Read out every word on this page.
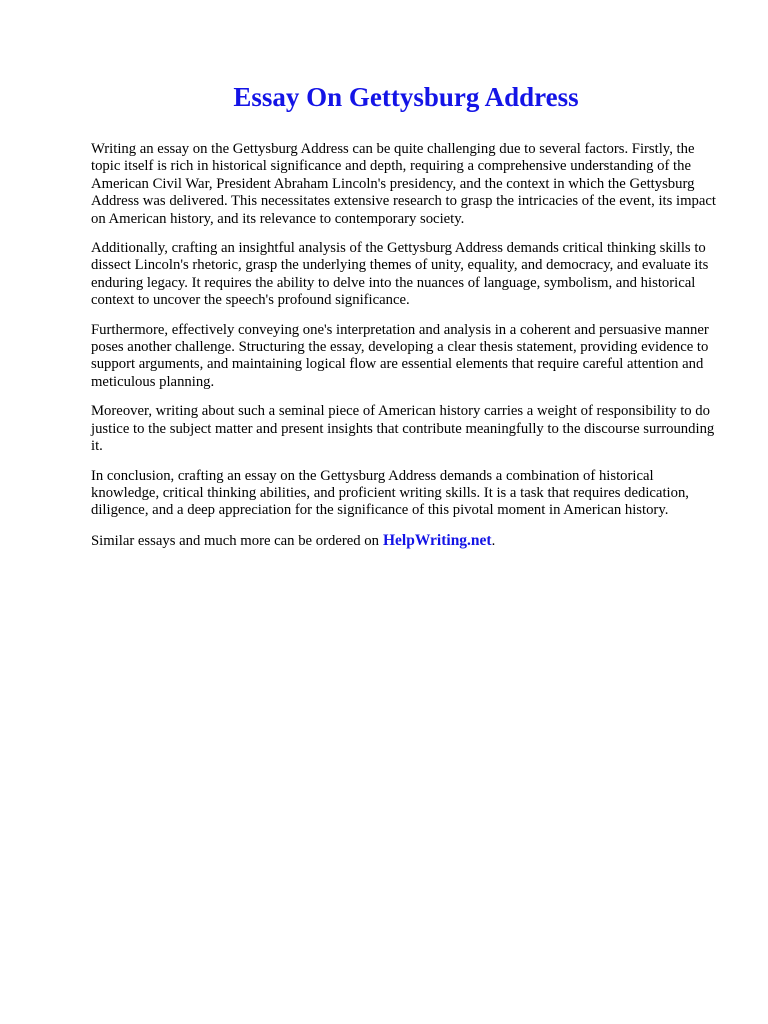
Essay On Gettysburg Address

Writing an essay on the Gettysburg Address can be quite challenging due to several factors. Firstly, the topic itself is rich in historical significance and depth, requiring a comprehensive understanding of the American Civil War, President Abraham Lincoln's presidency, and the context in which the Gettysburg Address was delivered. This necessitates extensive research to grasp the intricacies of the event, its impact on American history, and its relevance to contemporary society.

Additionally, crafting an insightful analysis of the Gettysburg Address demands critical thinking skills to dissect Lincoln's rhetoric, grasp the underlying themes of unity, equality, and democracy, and evaluate its enduring legacy. It requires the ability to delve into the nuances of language, symbolism, and historical context to uncover the speech's profound significance.

Furthermore, effectively conveying one's interpretation and analysis in a coherent and persuasive manner poses another challenge. Structuring the essay, developing a clear thesis statement, providing evidence to support arguments, and maintaining logical flow are essential elements that require careful attention and meticulous planning.

Moreover, writing about such a seminal piece of American history carries a weight of responsibility to do justice to the subject matter and present insights that contribute meaningfully to the discourse surrounding it.

In conclusion, crafting an essay on the Gettysburg Address demands a combination of historical knowledge, critical thinking abilities, and proficient writing skills. It is a task that requires dedication, diligence, and a deep appreciation for the significance of this pivotal moment in American history.

Similar essays and much more can be ordered on HelpWriting.net.
